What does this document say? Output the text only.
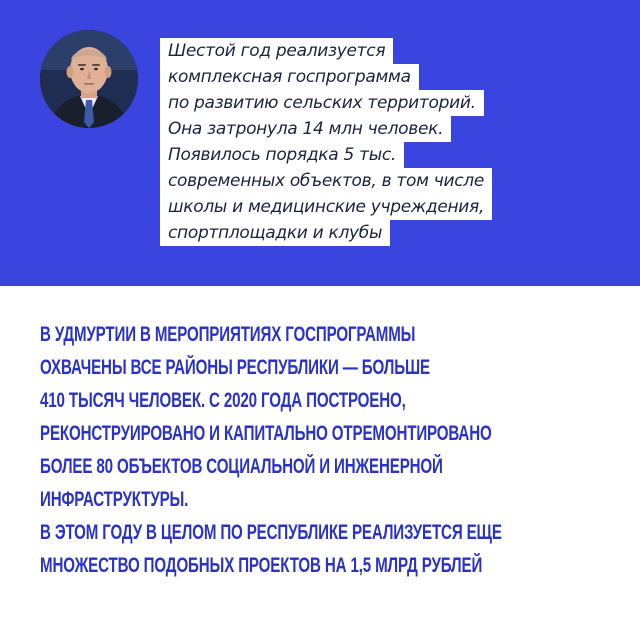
Шестой год реализуется
комплексная госпрограмма
по развитию сельских территорий.
Она затронула 14 млн человек.
Появилось порядка 5 тыс.
современных объектов, в том числе
школы и медицинские учреждения,
спортплощадки и клубы
В УДМУРТИИ В МЕРОПРИЯТИЯХ ГОСПРОГРАММЫ
ОХВАЧЕНЫ ВСЕ РАЙОНЫ РЕСПУБЛИКИ — БОЛЬШЕ
410 ТЫСЯЧ ЧЕЛОВЕК. С 2020 ГОДА ПОСТРОЕНО,
РЕКОНСТРУИРОВАНО И КАПИТАЛЬНО ОТРЕМОНТИРОВАНО
БОЛЕЕ 80 ОБЪЕКТОВ СОЦИАЛЬНОЙ И ИНЖЕНЕРНОЙ
ИНФРАСТРУКТУРЫ.
В ЭТОМ ГОДУ В ЦЕЛОМ ПО РЕСПУБЛИКЕ РЕАЛИЗУЕТСЯ ЕЩЕ
МНОЖЕСТВО ПОДОБНЫХ ПРОЕКТОВ НА 1,5 МЛРД РУБЛЕЙ
